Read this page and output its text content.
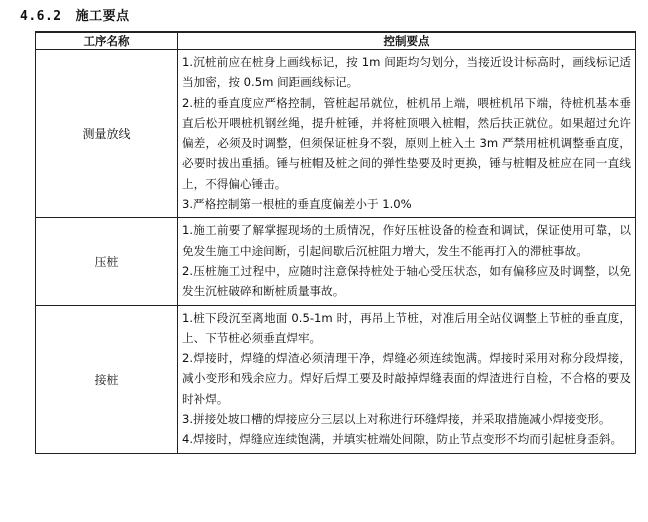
4.6.2 施工要点
工序名称	控制要点
测量放线	1.沉桩前应在桩身上画线标记，按 1m 间距均匀划分，当接近设计标高时，画线标记适当加密，按 0.5m 间距画线标记。

2.桩的垂直度应严格控制，管桩起吊就位，桩机吊上端，喂桩机吊下端，待桩机基本垂直后松开喂桩机钢丝绳，提升桩锤，并将桩顶喂入桩帽，然后扶正就位。如果超过允许偏差，必须及时调整，但须保证桩身不裂，原则上桩入土 3m 严禁用桩机调整垂直度，必要时拔出重插。锤与桩帽及桩之间的弹性垫要及时更换，锤与桩帽及桩应在同一直线上，不得偏心锤击。

3.严格控制第一根桩的垂直度偏差小于 1.0%

压桩	1.施工前要了解掌握现场的土质情况，作好压桩设备的检查和调试，保证使用可靠，以免发生施工中途间断，引起间歇后沉桩阻力增大，发生不能再打入的滞桩事故。

2.压桩施工过程中，应随时注意保持桩处于轴心受压状态，如有偏移应及时调整，以免发生沉桩破碎和断桩质量事故。

接桩	1.桩下段沉至离地面 0.5-1m 时，再吊上节桩，对准后用全站仪调整上节桩的垂直度，上、下节桩必须垂直焊牢。

2.焊接时，焊缝的焊渣必须清理干净，焊缝必须连续饱满。焊接时采用对称分段焊接，减小变形和残余应力。焊好后焊工要及时敲掉焊缝表面的焊渣进行自检，不合格的要及时补焊。

3.拼接处坡口槽的焊接应分三层以上对称进行环缝焊接，并采取措施减小焊接变形。

4.焊接时，焊缝应连续饱满，并填实桩端处间隙，防止节点变形不均而引起桩身歪斜。
